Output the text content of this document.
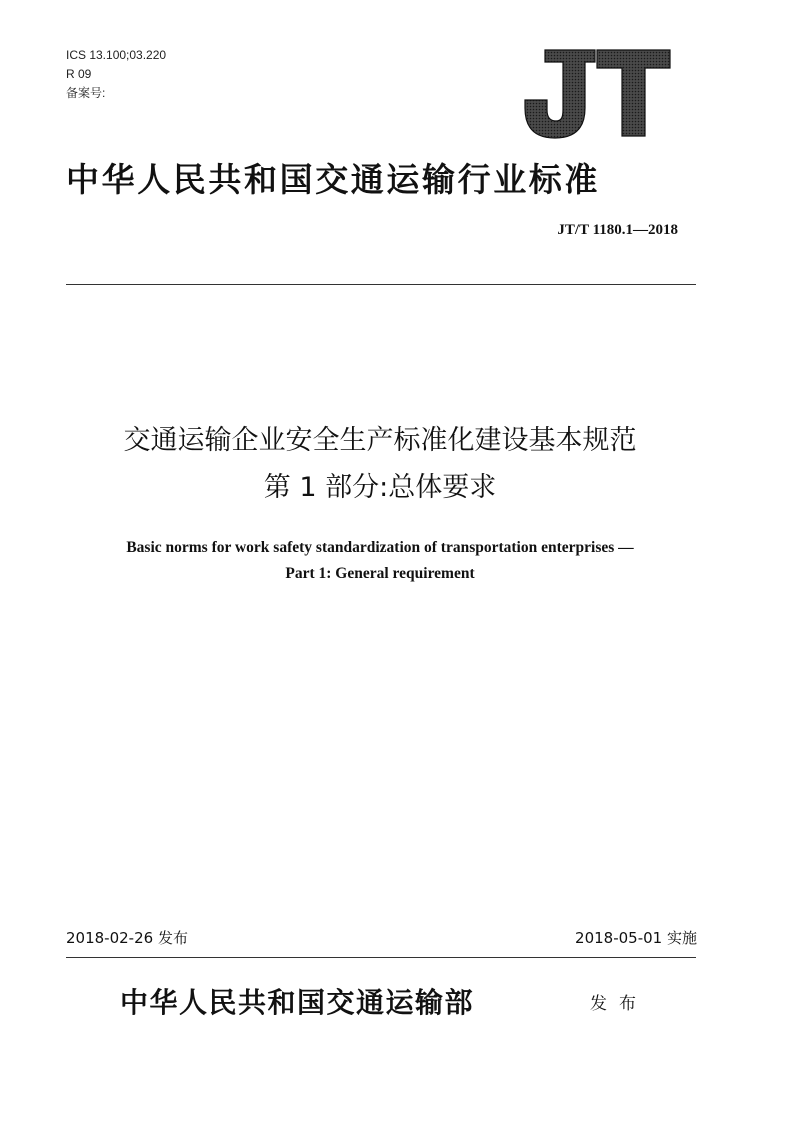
ICS 13.100;03.220
R 09
备案号:
中华人民共和国交通运输行业标准
JT/T 1180.1—2018
交通运输企业安全生产标准化建设基本规范
第 1 部分:总体要求
Basic norms for work safety standardization of transportation enterprises —
Part 1: General requirement
2018-02-26 发布	2018-05-01 实施
中华人民共和国交通运输部	发布
